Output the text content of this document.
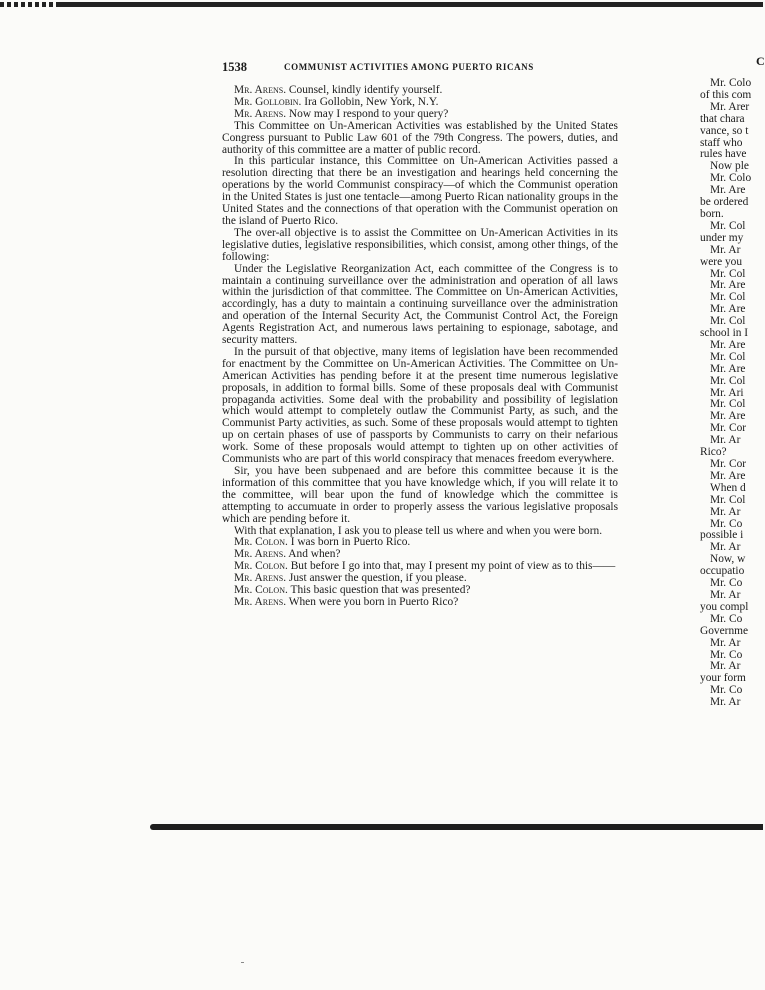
1538	COMMUNIST ACTIVITIES AMONG PUERTO RICANS	C

Mr. Arens. Counsel, kindly identify yourself.

Mr. Gollobin. Ira Gollobin, New York, N.Y.

Mr. Arens. Now may I respond to your query?

This Committee on Un-American Activities was established by the United States Congress pursuant to Public Law 601 of the 79th Congress. The powers, duties, and authority of this committee are a matter of public record.

In this particular instance, this Committee on Un-American Activities passed a resolution directing that there be an investigation and hearings held concerning the operations by the world Communist conspiracy—of which the Communist operation in the United States is just one tentacle—among Puerto Rican nationality groups in the United States and the connections of that operation with the Communist operation on the island of Puerto Rico.

The over-all objective is to assist the Committee on Un-American Activities in its legislative duties, legislative responsibilities, which consist, among other things, of the following:

Under the Legislative Reorganization Act, each committee of the Congress is to maintain a continuing surveillance over the administration and operation of all laws within the jurisdiction of that committee. The Committee on Un-American Activities, accordingly, has a duty to maintain a continuing surveillance over the administration and operation of the Internal Security Act, the Communist Control Act, the Foreign Agents Registration Act, and numerous laws pertaining to espionage, sabotage, and security matters.

In the pursuit of that objective, many items of legislation have been recommended for enactment by the Committee on Un-American Activities. The Committee on Un-American Activities has pending before it at the present time numerous legislative proposals, in addition to formal bills. Some of these proposals deal with Communist propaganda activities. Some deal with the probability and possibility of legislation which would attempt to completely outlaw the Communist Party, as such, and the Communist Party activities, as such. Some of these proposals would attempt to tighten up on certain phases of use of passports by Communists to carry on their nefarious work. Some of these proposals would attempt to tighten up on other activities of Communists who are part of this world conspiracy that menaces freedom everywhere.

Sir, you have been subpenaed and are before this committee because it is the information of this committee that you have knowledge which, if you will relate it to the committee, will bear upon the fund of knowledge which the committee is attempting to accumuate in order to properly assess the various legislative proposals which are pending before it.

With that explanation, I ask you to please tell us where and when you were born.

Mr. Colon. I was born in Puerto Rico.

Mr. Arens. And when?

Mr. Colon. But before I go into that, may I present my point of view as to this——

Mr. Arens. Just answer the question, if you please.

Mr. Colon. This basic question that was presented?

Mr. Arens. When were you born in Puerto Rico?

Mr. Colo
of this com
Mr. Arer
that chara
vance, so t
staff who
rules have
Now ple
Mr. Colo
Mr. Are
be ordered
born.
Mr. Col
under my
Mr. Ar
were you
Mr. Col
Mr. Are
Mr. Col
Mr. Are
Mr. Col
school in I
Mr. Are
Mr. Col
Mr. Are
Mr. Col
Mr. Ari
Mr. Col
Mr. Are
Mr. Cor
Mr. Ar
Rico?
Mr. Cor
Mr. Are
When d
Mr. Col
Mr. Ar
Mr. Co
possible i
Mr. Ar
Now, w
occupatio
Mr. Co
Mr. Ar
you compl
Mr. Co
Governme
Mr. Ar
Mr. Co
Mr. Ar
your form
Mr. Co
Mr. Ar
